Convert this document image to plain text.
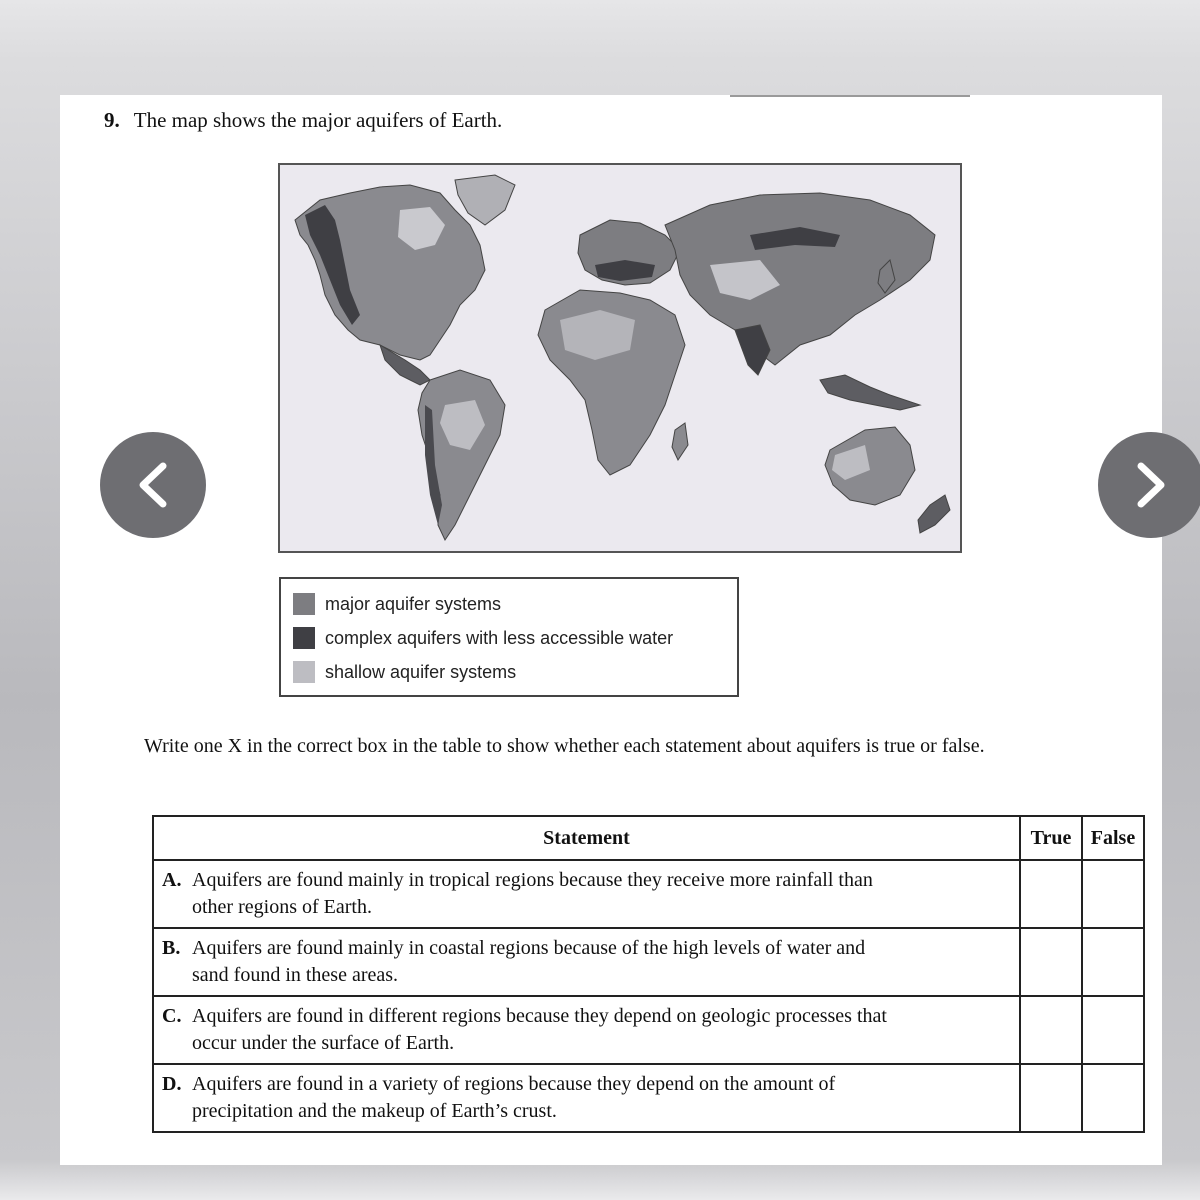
9. The map shows the major aquifers of Earth.
major aquifer systems
complex aquifers with less accessible water
shallow aquifer systems
Write one X in the correct box in the table to show whether each statement about aquifers is true or false.
Statement	True	False

A. Aquifers are found mainly in tropical regions because they receive more rainfall than
other regions of Earth.		

B. Aquifers are found mainly in coastal regions because of the high levels of water and
sand found in these areas.		

C. Aquifers are found in different regions because they depend on geologic processes that
occur under the surface of Earth.		

D. Aquifers are found in a variety of regions because they depend on the amount of
precipitation and the makeup of Earth’s crust.		
